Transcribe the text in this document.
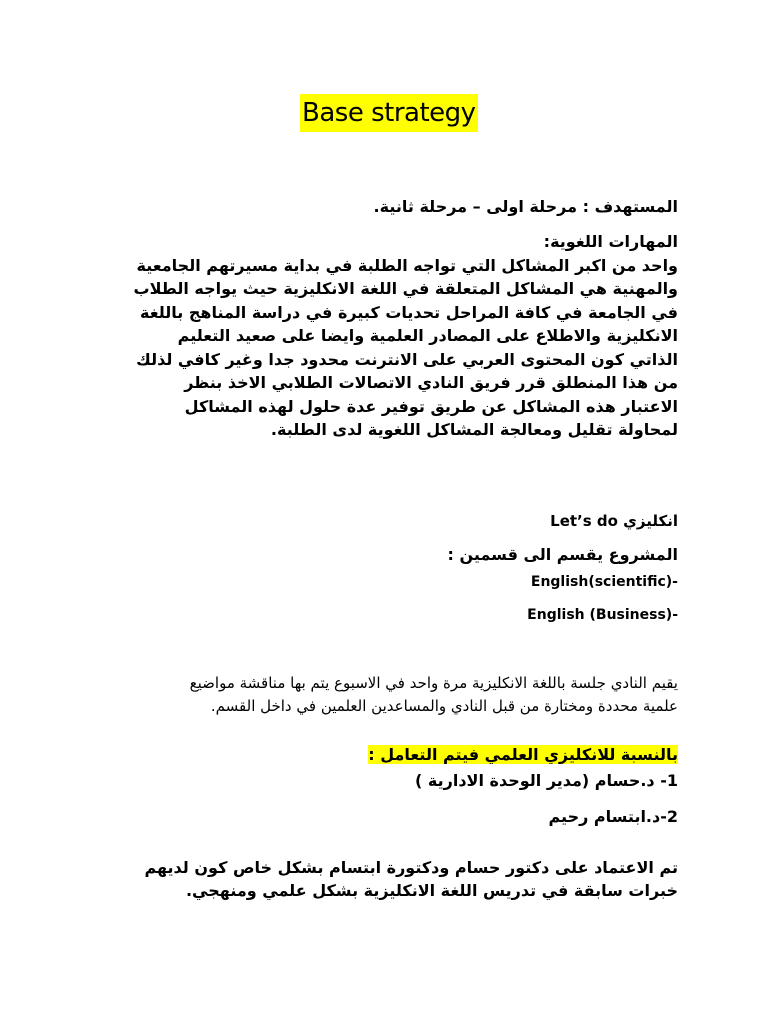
Base strategy
المستهدف : مرحلة اولى – مرحلة ثانية.
المهارات اللغوية:
واحد من اكبر المشاكل التي تواجه الطلبة في بداية مسيرتهم الجامعية
والمهنية هي المشاكل المتعلقة في اللغة الانكليزية حيث يواجه الطلاب
في الجامعة في كافة المراحل تحديات كبيرة في دراسة المناهج باللغة
الانكليزية والاطلاع على المصادر العلمية وايضا على صعيد التعليم
الذاتي كون المحتوى العربي على الانترنت محدود جدا وغير كافي لذلك
من هذا المنطلق قرر فريق النادي الاتصالات الطلابي الاخذ بنظر
الاعتبار هذه المشاكل عن طريق توفير عدة حلول لهذه المشاكل
لمحاولة تقليل ومعالجة المشاكل اللغوية لدى الطلبة.
Let’s do انكليزي
المشروع يقسم الى قسمين :
English(scientific)-
English (Business)-
يقيم النادي جلسة باللغة الانكليزية مرة واحد في الاسبوع يتم بها مناقشة مواضيع
علمية محددة ومختارة من قبل النادي والمساعدين العلمين في داخل القسم.
بالنسبة للانكليزي العلمي فيتم التعامل :
1- د.حسام (مدير الوحدة الادارية )
2-د.ابتسام رحيم
تم الاعتماد على دكتور حسام ودكتورة ابتسام بشكل خاص كون لديهم
خبرات سابقة في تدريس اللغة الانكليزية بشكل علمي ومنهجي.
